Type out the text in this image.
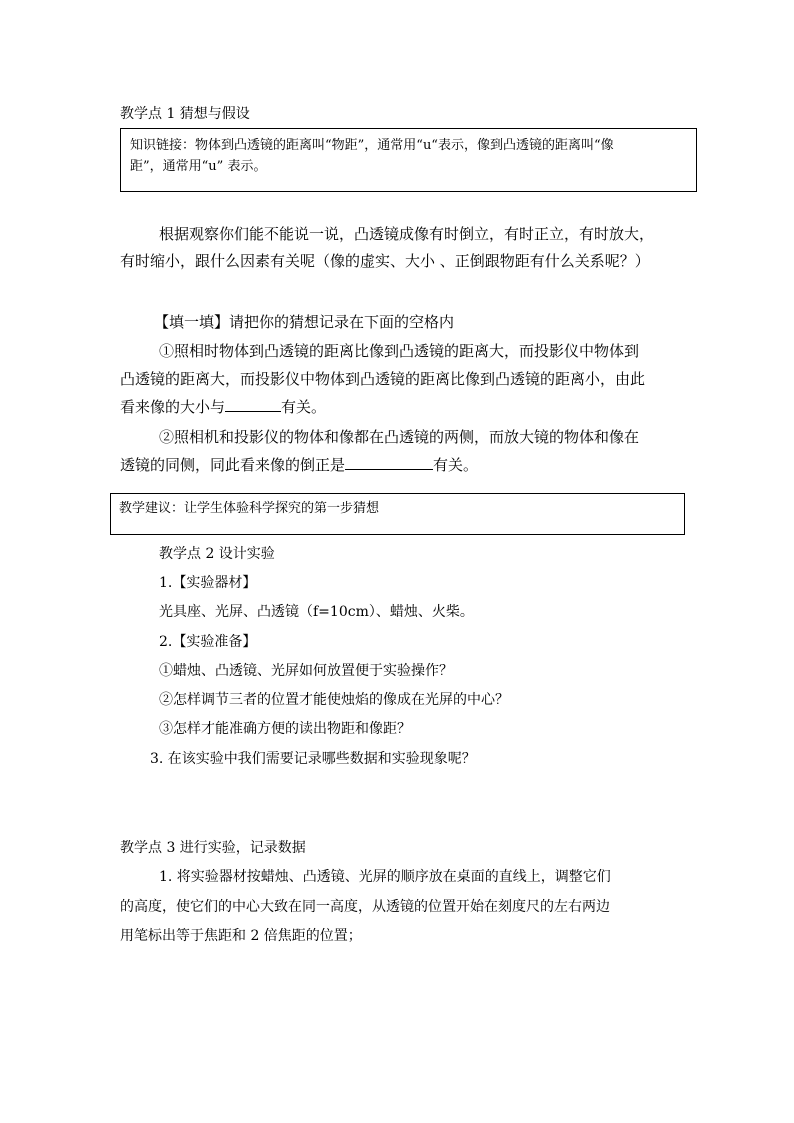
教学点 1 猜想与假设
知识链接：物体到凸透镜的距离叫“物距”，通常用“u“表示，像到凸透镜的距离叫“像
距”，通常用“u” 表示。
根据观察你们能不能说一说，凸透镜成像有时倒立，有时正立，有时放大，
有时缩小，跟什么因素有关呢（像的虚实、大小 、正倒跟物距有什么关系呢？）
【填一填】请把你的猜想记录在下面的空格内
①照相时物体到凸透镜的距离比像到凸透镜的距离大，而投影仪中物体到
凸透镜的距离大，而投影仪中物体到凸透镜的距离比像到凸透镜的距离小，由此
看来像的大小与	有关。
②照相机和投影仪的物体和像都在凸透镜的两侧，而放大镜的物体和像在
透镜的同侧，同此看来像的倒正是	有关。
教学建议：让学生体验科学探究的第一步猜想
教学点 2 设计实验
1.【实验器材】
光具座、光屏、凸透镜（f=10cm）、蜡烛、火柴。
2.【实验准备】
①蜡烛、凸透镜、光屏如何放置便于实验操作？
②怎样调节三者的位置才能使烛焰的像成在光屏的中心？
③怎样才能准确方便的读出物距和像距？
3. 在该实验中我们需要记录哪些数据和实验现象呢？
教学点 3 进行实验，记录数据
1. 将实验器材按蜡烛、凸透镜、光屏的顺序放在桌面的直线上，调整它们
的高度，使它们的中心大致在同一高度，从透镜的位置开始在刻度尺的左右两边
用笔标出等于焦距和 2 倍焦距的位置；
